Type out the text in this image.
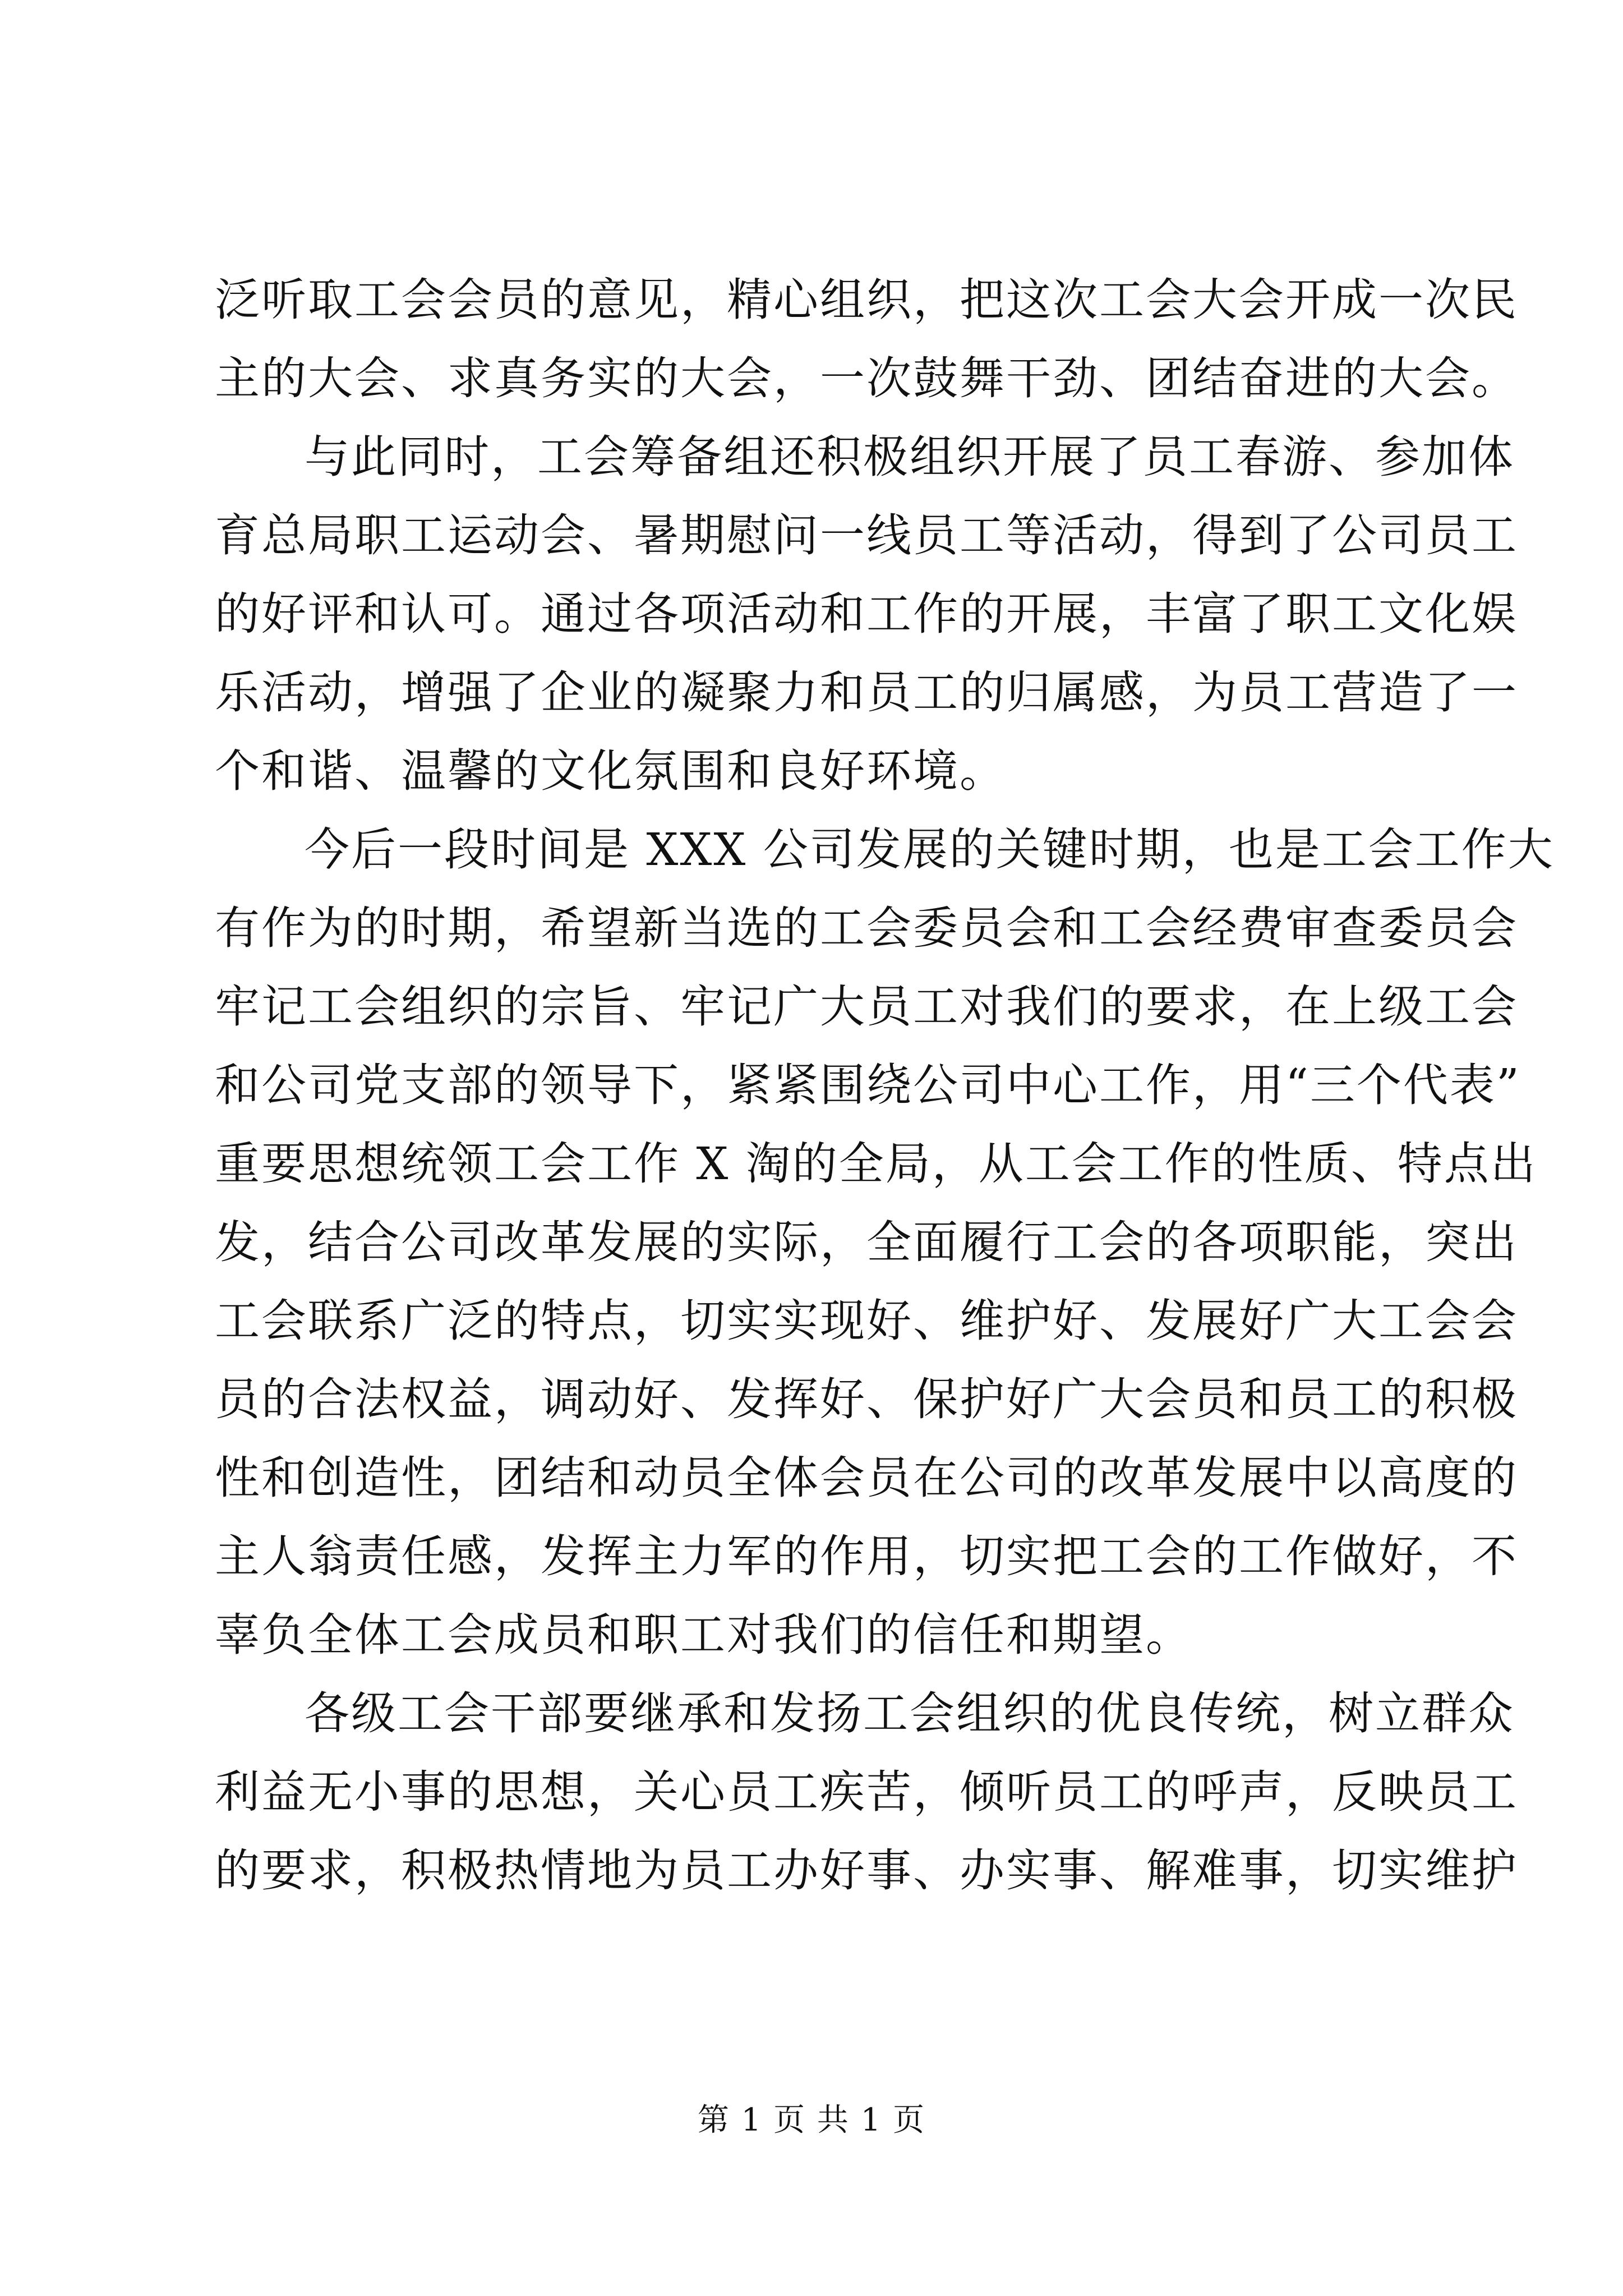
泛听取工会会员的意见，精心组织，把这次工会大会开成一次民
主的大会、求真务实的大会，一次鼓舞干劲、团结奋进的大会。
与此同时，工会筹备组还积极组织开展了员工春游、参加体
育总局职工运动会、暑期慰问一线员工等活动，得到了公司员工
的好评和认可。通过各项活动和工作的开展，丰富了职工文化娱
乐活动，增强了企业的凝聚力和员工的归属感，为员工营造了一
个和谐、温馨的文化氛围和良好环境。
今后一段时间是 XXX 公司发展的关键时期，也是工会工作大
有作为的时期，希望新当选的工会委员会和工会经费审查委员会
牢记工会组织的宗旨、牢记广大员工对我们的要求，在上级工会
和公司党支部的领导下，紧紧围绕公司中心工作，用“三个代表”
重要思想统领工会工作 X 淘的全局，从工会工作的性质、特点出
发，结合公司改革发展的实际，全面履行工会的各项职能，突出
工会联系广泛的特点，切实实现好、维护好、发展好广大工会会
员的合法权益，调动好、发挥好、保护好广大会员和员工的积极
性和创造性，团结和动员全体会员在公司的改革发展中以高度的
主人翁责任感，发挥主力军的作用，切实把工会的工作做好，不
辜负全体工会成员和职工对我们的信任和期望。
各级工会干部要继承和发扬工会组织的优良传统，树立群众
利益无小事的思想，关心员工疾苦，倾听员工的呼声，反映员工
的要求，积极热情地为员工办好事、办实事、解难事，切实维护
第 1 页 共 1 页
